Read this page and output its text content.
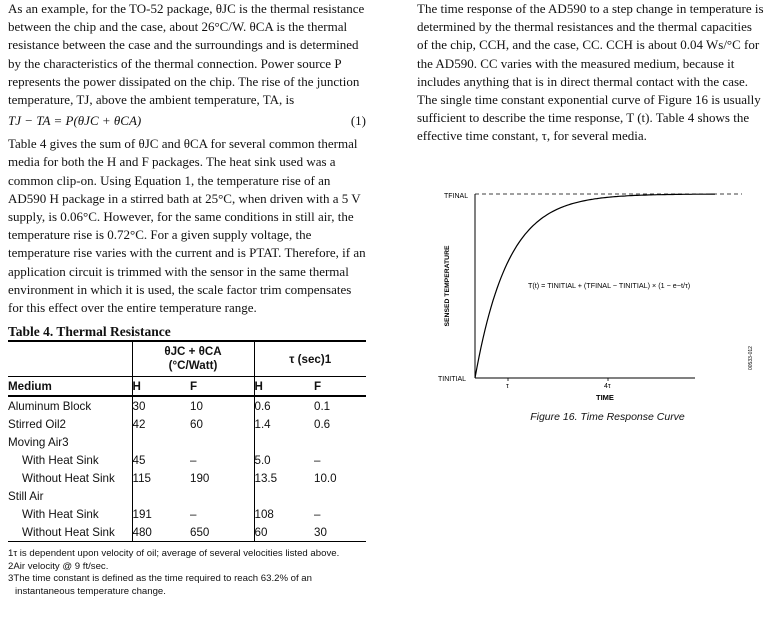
As an example, for the TO-52 package, θJC is the thermal resistance between the chip and the case, about 26°C/W. θCA is the thermal resistance between the case and the surroundings and is determined by the characteristics of the thermal connection. Power source P represents the power dissipated on the chip. The rise of the junction temperature, TJ, above the ambient temperature, TA, is

TJ − TA = P(θJC + θCA)	(1)

Table 4 gives the sum of θJC and θCA for several common thermal media for both the H and F packages. The heat sink used was a common clip-on. Using Equation 1, the temperature rise of an AD590 H package in a stirred bath at 25°C, when driven with a 5 V supply, is 0.06°C. However, for the same conditions in still air, the temperature rise is 0.72°C. For a given supply voltage, the temperature rise varies with the current and is PTAT. Therefore, if an application circuit is trimmed with the sensor in the same thermal environment in which it is used, the scale factor trim compensates for this effect over the entire temperature range.

Table 4. Thermal Resistance

	θJC + θCA
(°C/Watt)		τ (sec)1	
Medium	H	F	H	F
Aluminum Block	30	10	0.6	0.1
Stirred Oil2	42	60	1.4	0.6
Moving Air3				
With Heat Sink	45	–	5.0	–
Without Heat Sink	115	190	13.5	10.0
Still Air				
With Heat Sink	191	–	108	–
Without Heat Sink	480	650	60	30
1τ is dependent upon velocity of oil; average of several velocities listed above.
2Air velocity @ 9 ft/sec.
3The time constant is defined as the time required to reach 63.2% of an instantaneous temperature change.

The time response of the AD590 to a step change in temperature is determined by the thermal resistances and the thermal capacities of the chip, CCH, and the case, CC. CCH is about 0.04 Ws/°C for the AD590. CC varies with the measured medium, because it includes anything that is in direct thermal contact with the case. The single time constant exponential curve of Figure 16 is usually sufficient to describe the time response, T (t). Table 4 shows the effective time constant, τ, for several media.

TFINAL
TINITIAL
τ	4τ
TIME
SENSED TEMPERATURE	T(t) = TINITIAL + (TFINAL − TINITIAL) × (1 − e−t/τ)
00533-012
Figure 16. Time Response Curve
